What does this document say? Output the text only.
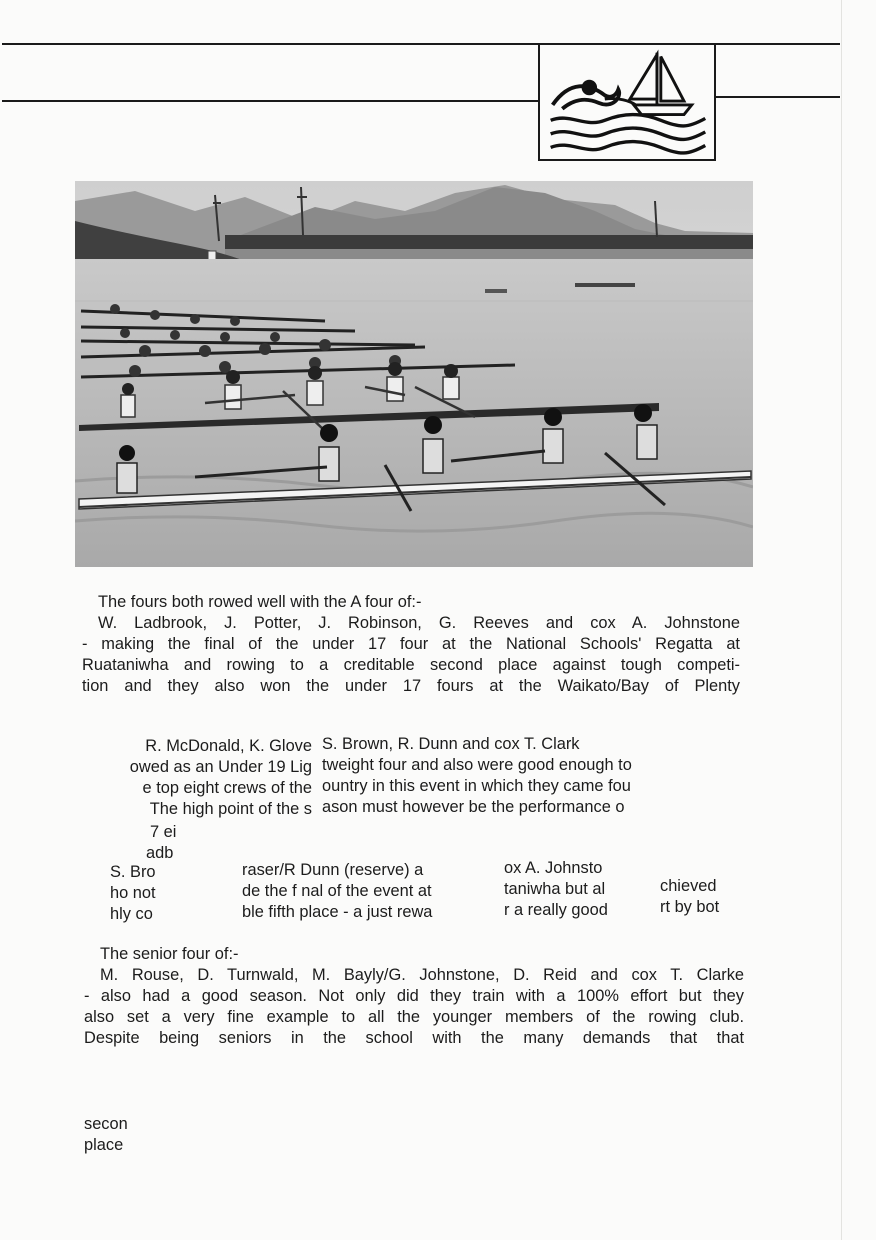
The fours both rowed well with the A four of:-
W. Ladbrook, J. Potter, J. Robinson, G. Reeves and cox A. Johnstone
- making the final of the under 17 four at the National Schools' Regatta at
Ruataniwha and rowing to a creditable second place against tough competi-
tion and they also won the under 17 fours at the Waikato/Bay of Plenty
R. McDonald, K. Glove
owed as an Under 19 Lig
e top eight crews of the
The high point of the s
S. Brown, R. Dunn and cox T. Clark
tweight four and also were good enough to
ountry in this event in which they came fou
ason must however be the performance o
7 ei
adb
S. Bro
ho not
hly co
raser/R Dunn (reserve) a
de the f nal of the event at
ble fifth place - a just rewa
ox A. Johnsto
taniwha but al
r a really good
chieved
rt by bot
The senior four of:-
M. Rouse, D. Turnwald, M. Bayly/G. Johnstone, D. Reid and cox T. Clarke
- also had a good season. Not only did they train with a 100% effort but they
also set a very fine example to all the younger members of the rowing club.
Despite being seniors in the school with the many demands that that
secon
place
